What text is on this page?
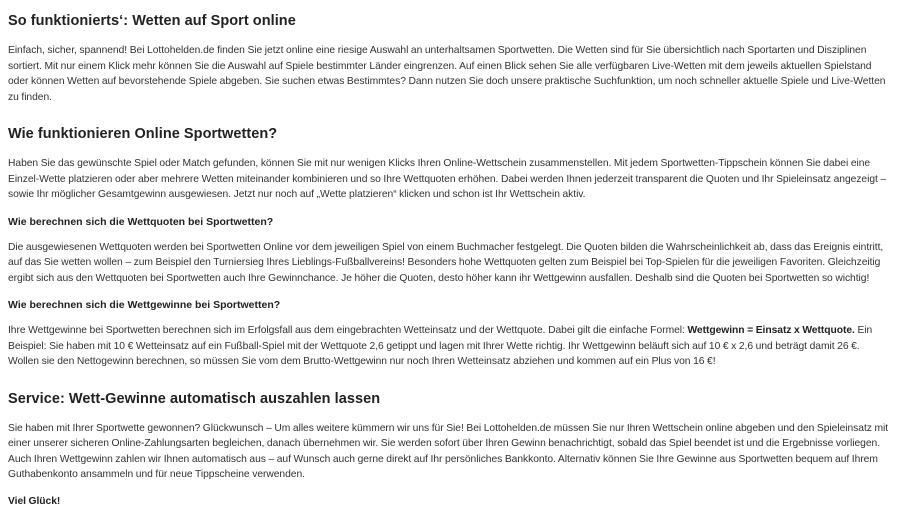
So funktionierts‘: Wetten auf Sport online

Einfach, sicher, spannend! Bei Lottohelden.de finden Sie jetzt online eine riesige Auswahl an unterhaltsamen Sportwetten. Die Wetten sind für Sie übersichtlich nach Sportarten und Disziplinen sortiert. Mit nur einem Klick mehr können Sie die Auswahl auf Spiele bestimmter Länder eingrenzen. Auf einen Blick sehen Sie alle verfügbaren Live-Wetten mit dem jeweils aktuellen Spielstand oder können Wetten auf bevorstehende Spiele abgeben. Sie suchen etwas Bestimmtes? Dann nutzen Sie doch unsere praktische Suchfunktion, um noch schneller aktuelle Spiele und Live-Wetten zu finden.

Wie funktionieren Online Sportwetten?

Haben Sie das gewünschte Spiel oder Match gefunden, können Sie mit nur wenigen Klicks Ihren Online-Wettschein zusammenstellen. Mit jedem Sportwetten-Tippschein können Sie dabei eine Einzel-Wette platzieren oder aber mehrere Wetten miteinander kombinieren und so Ihre Wettquoten erhöhen. Dabei werden Ihnen jederzeit transparent die Quoten und Ihr Spieleinsatz angezeigt – sowie Ihr möglicher Gesamtgewinn ausgewiesen. Jetzt nur noch auf „Wette platzieren“ klicken und schon ist Ihr Wettschein aktiv.

Wie berechnen sich die Wettquoten bei Sportwetten?

Die ausgewiesenen Wettquoten werden bei Sportwetten Online vor dem jeweiligen Spiel von einem Buchmacher festgelegt. Die Quoten bilden die Wahrscheinlichkeit ab, dass das Ereignis eintritt, auf das Sie wetten wollen – zum Beispiel den Turniersieg Ihres Lieblings-Fußballvereins! Besonders hohe Wettquoten gelten zum Beispiel bei Top-Spielen für die jeweiligen Favoriten. Gleichzeitig ergibt sich aus den Wettquoten bei Sportwetten auch Ihre Gewinnchance. Je höher die Quoten, desto höher kann ihr Wettgewinn ausfallen. Deshalb sind die Quoten bei Sportwetten so wichtig!

Wie berechnen sich die Wettgewinne bei Sportwetten?

Ihre Wettgewinne bei Sportwetten berechnen sich im Erfolgsfall aus dem eingebrachten Wetteinsatz und der Wettquote. Dabei gilt die einfache Formel: Wettgewinn = Einsatz x Wettquote. Ein Beispiel: Sie haben mit 10 € Wetteinsatz auf ein Fußball-Spiel mit der Wettquote 2,6 getippt und lagen mit Ihrer Wette richtig. Ihr Wettgewinn beläuft sich auf 10 € x 2,6 und beträgt damit 26 €. Wollen sie den Nettogewinn berechnen, so müssen Sie vom dem Brutto-Wettgewinn nur noch Ihren Wetteinsatz abziehen und kommen auf ein Plus von 16 €!

Service: Wett-Gewinne automatisch auszahlen lassen

Sie haben mit Ihrer Sportwette gewonnen? Glückwunsch – Um alles weitere kümmern wir uns für Sie! Bei Lottohelden.de müssen Sie nur Ihren Wettschein online abgeben und den Spieleinsatz mit einer unserer sicheren Online-Zahlungsarten begleichen, danach übernehmen wir. Sie werden sofort über Ihren Gewinn benachrichtigt, sobald das Spiel beendet ist und die Ergebnisse vorliegen. Auch Ihren Wettgewinn zahlen wir Ihnen automatisch aus – auf Wunsch auch gerne direkt auf Ihr persönliches Bankkonto. Alternativ können Sie Ihre Gewinne aus Sportwetten bequem auf Ihrem Guthabenkonto ansammeln und für neue Tippscheine verwenden.

Viel Glück!
